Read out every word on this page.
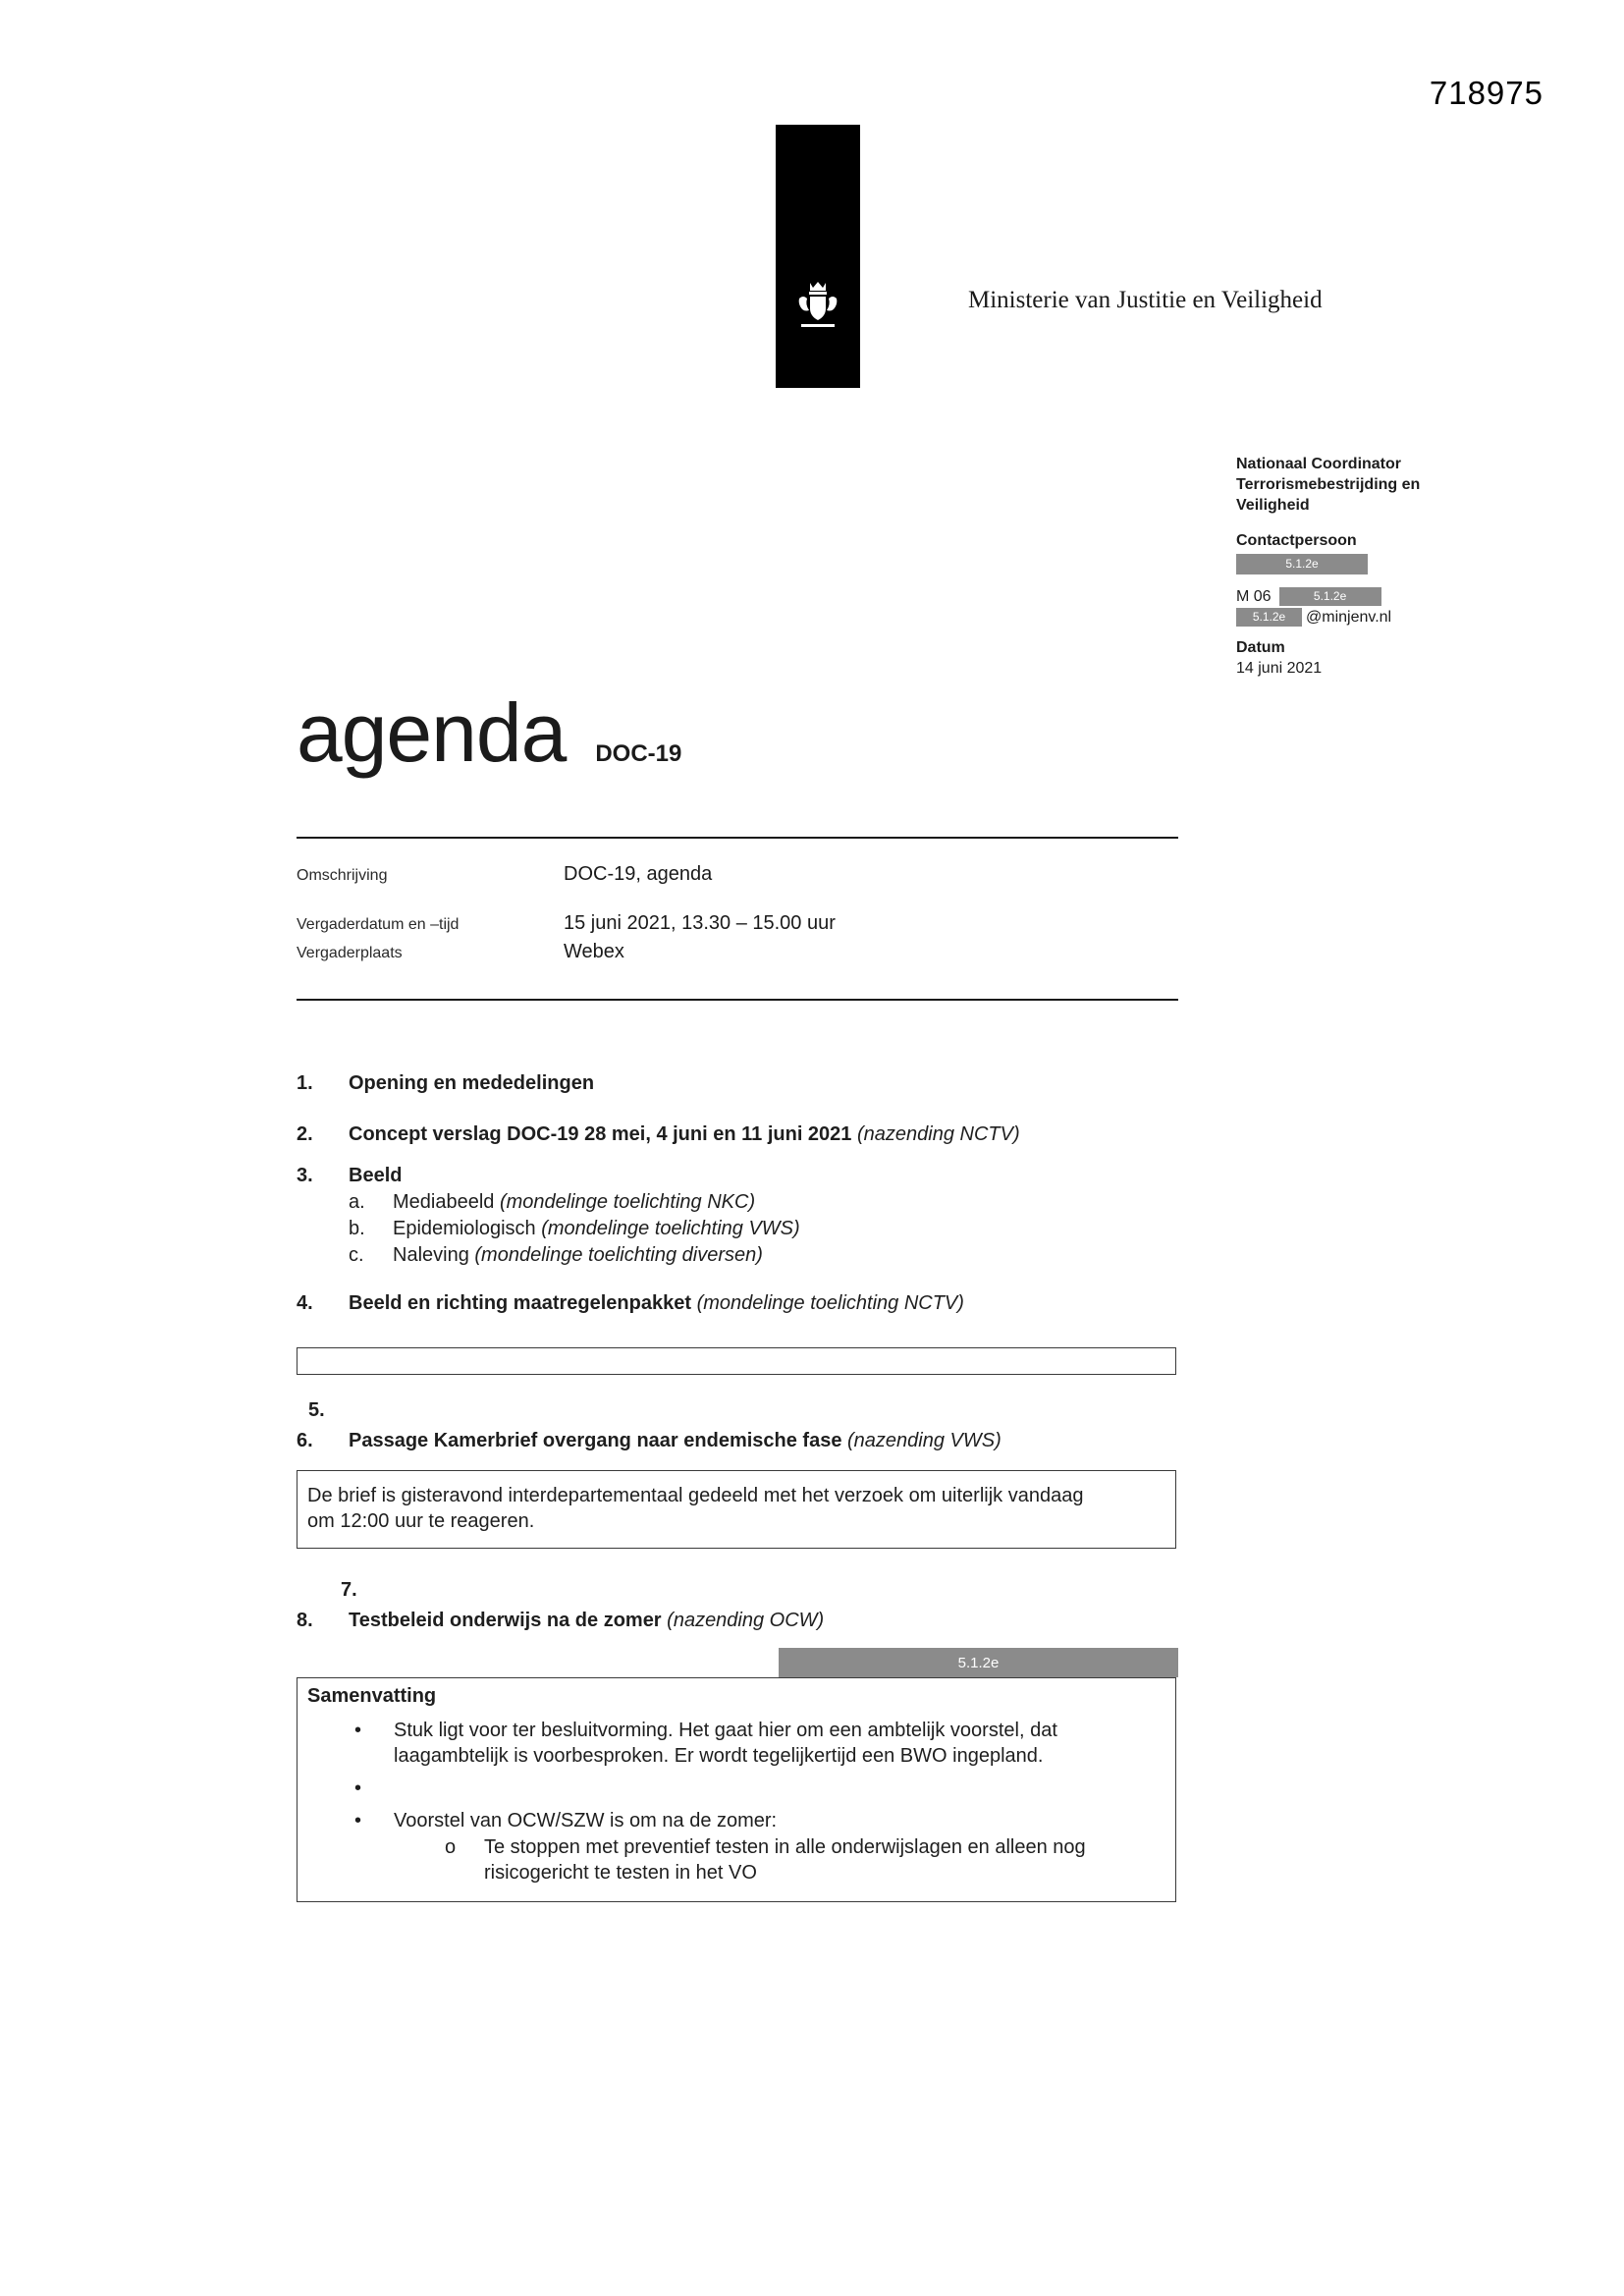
718975
Ministerie van Justitie en Veiligheid
Nationaal Coordinator
Terrorismebestrijding en
Veiligheid
Contactpersoon
5.1.2e
M 06	5.1.2e
5.1.2e	@minjenv.nl
Datum
14 juni 2021
agenda DOC-19
Omschrijving	DOC-19, agenda
Vergaderdatum en –tijd	15 juni 2021, 13.30 – 15.00 uur
Vergaderplaats	Webex
1.	Opening en mededelingen
2.	Concept verslag DOC-19 28 mei, 4 juni en 11 juni 2021 (nazending NCTV)
3.	Beeld
a.	Mediabeeld (mondelinge toelichting NKC)
b.	Epidemiologisch (mondelinge toelichting VWS)
c.	Naleving (mondelinge toelichting diversen)
4.	Beeld en richting maatregelenpakket (mondelinge toelichting NCTV)
5.
6.	Passage Kamerbrief overgang naar endemische fase (nazending VWS)
De brief is gisteravond interdepartementaal gedeeld met het verzoek om uiterlijk vandaag om 12:00 uur te reageren.
7.
8.	Testbeleid onderwijs na de zomer (nazending OCW)
5.1.2e
Samenvatting
•	Stuk ligt voor ter besluitvorming. Het gaat hier om een ambtelijk voorstel, dat laagambtelijk is voorbesproken. Er wordt tegelijkertijd een BWO ingepland.
•
•	Voorstel van OCW/SZW is om na de zomer:
o	Te stoppen met preventief testen in alle onderwijslagen en alleen nog risicogericht te testen in het VO
